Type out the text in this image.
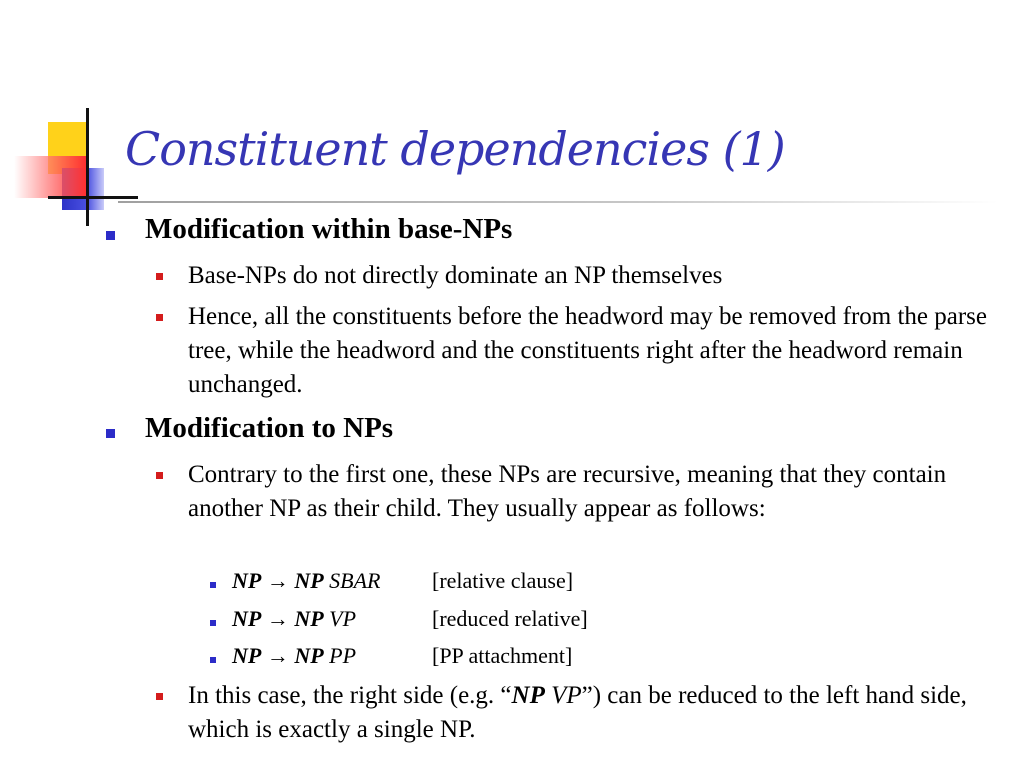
Constituent dependencies (1)
Modification within base-NPs
Base-NPs do not directly dominate an NP themselves
Hence, all the constituents before the headword may be removed from the parse tree, while the headword and the constituents right after the headword remain unchanged.
Modification to NPs
Contrary to the first one, these NPs are recursive, meaning that they contain another NP as their child. They usually appear as follows:
NP → NP SBAR [relative clause]
NP → NP VP	[reduced relative]
NP → NP PP	[PP attachment]
In this case, the right side (e.g. “NP VP”) can be reduced to the left hand side, which is exactly a single NP.
